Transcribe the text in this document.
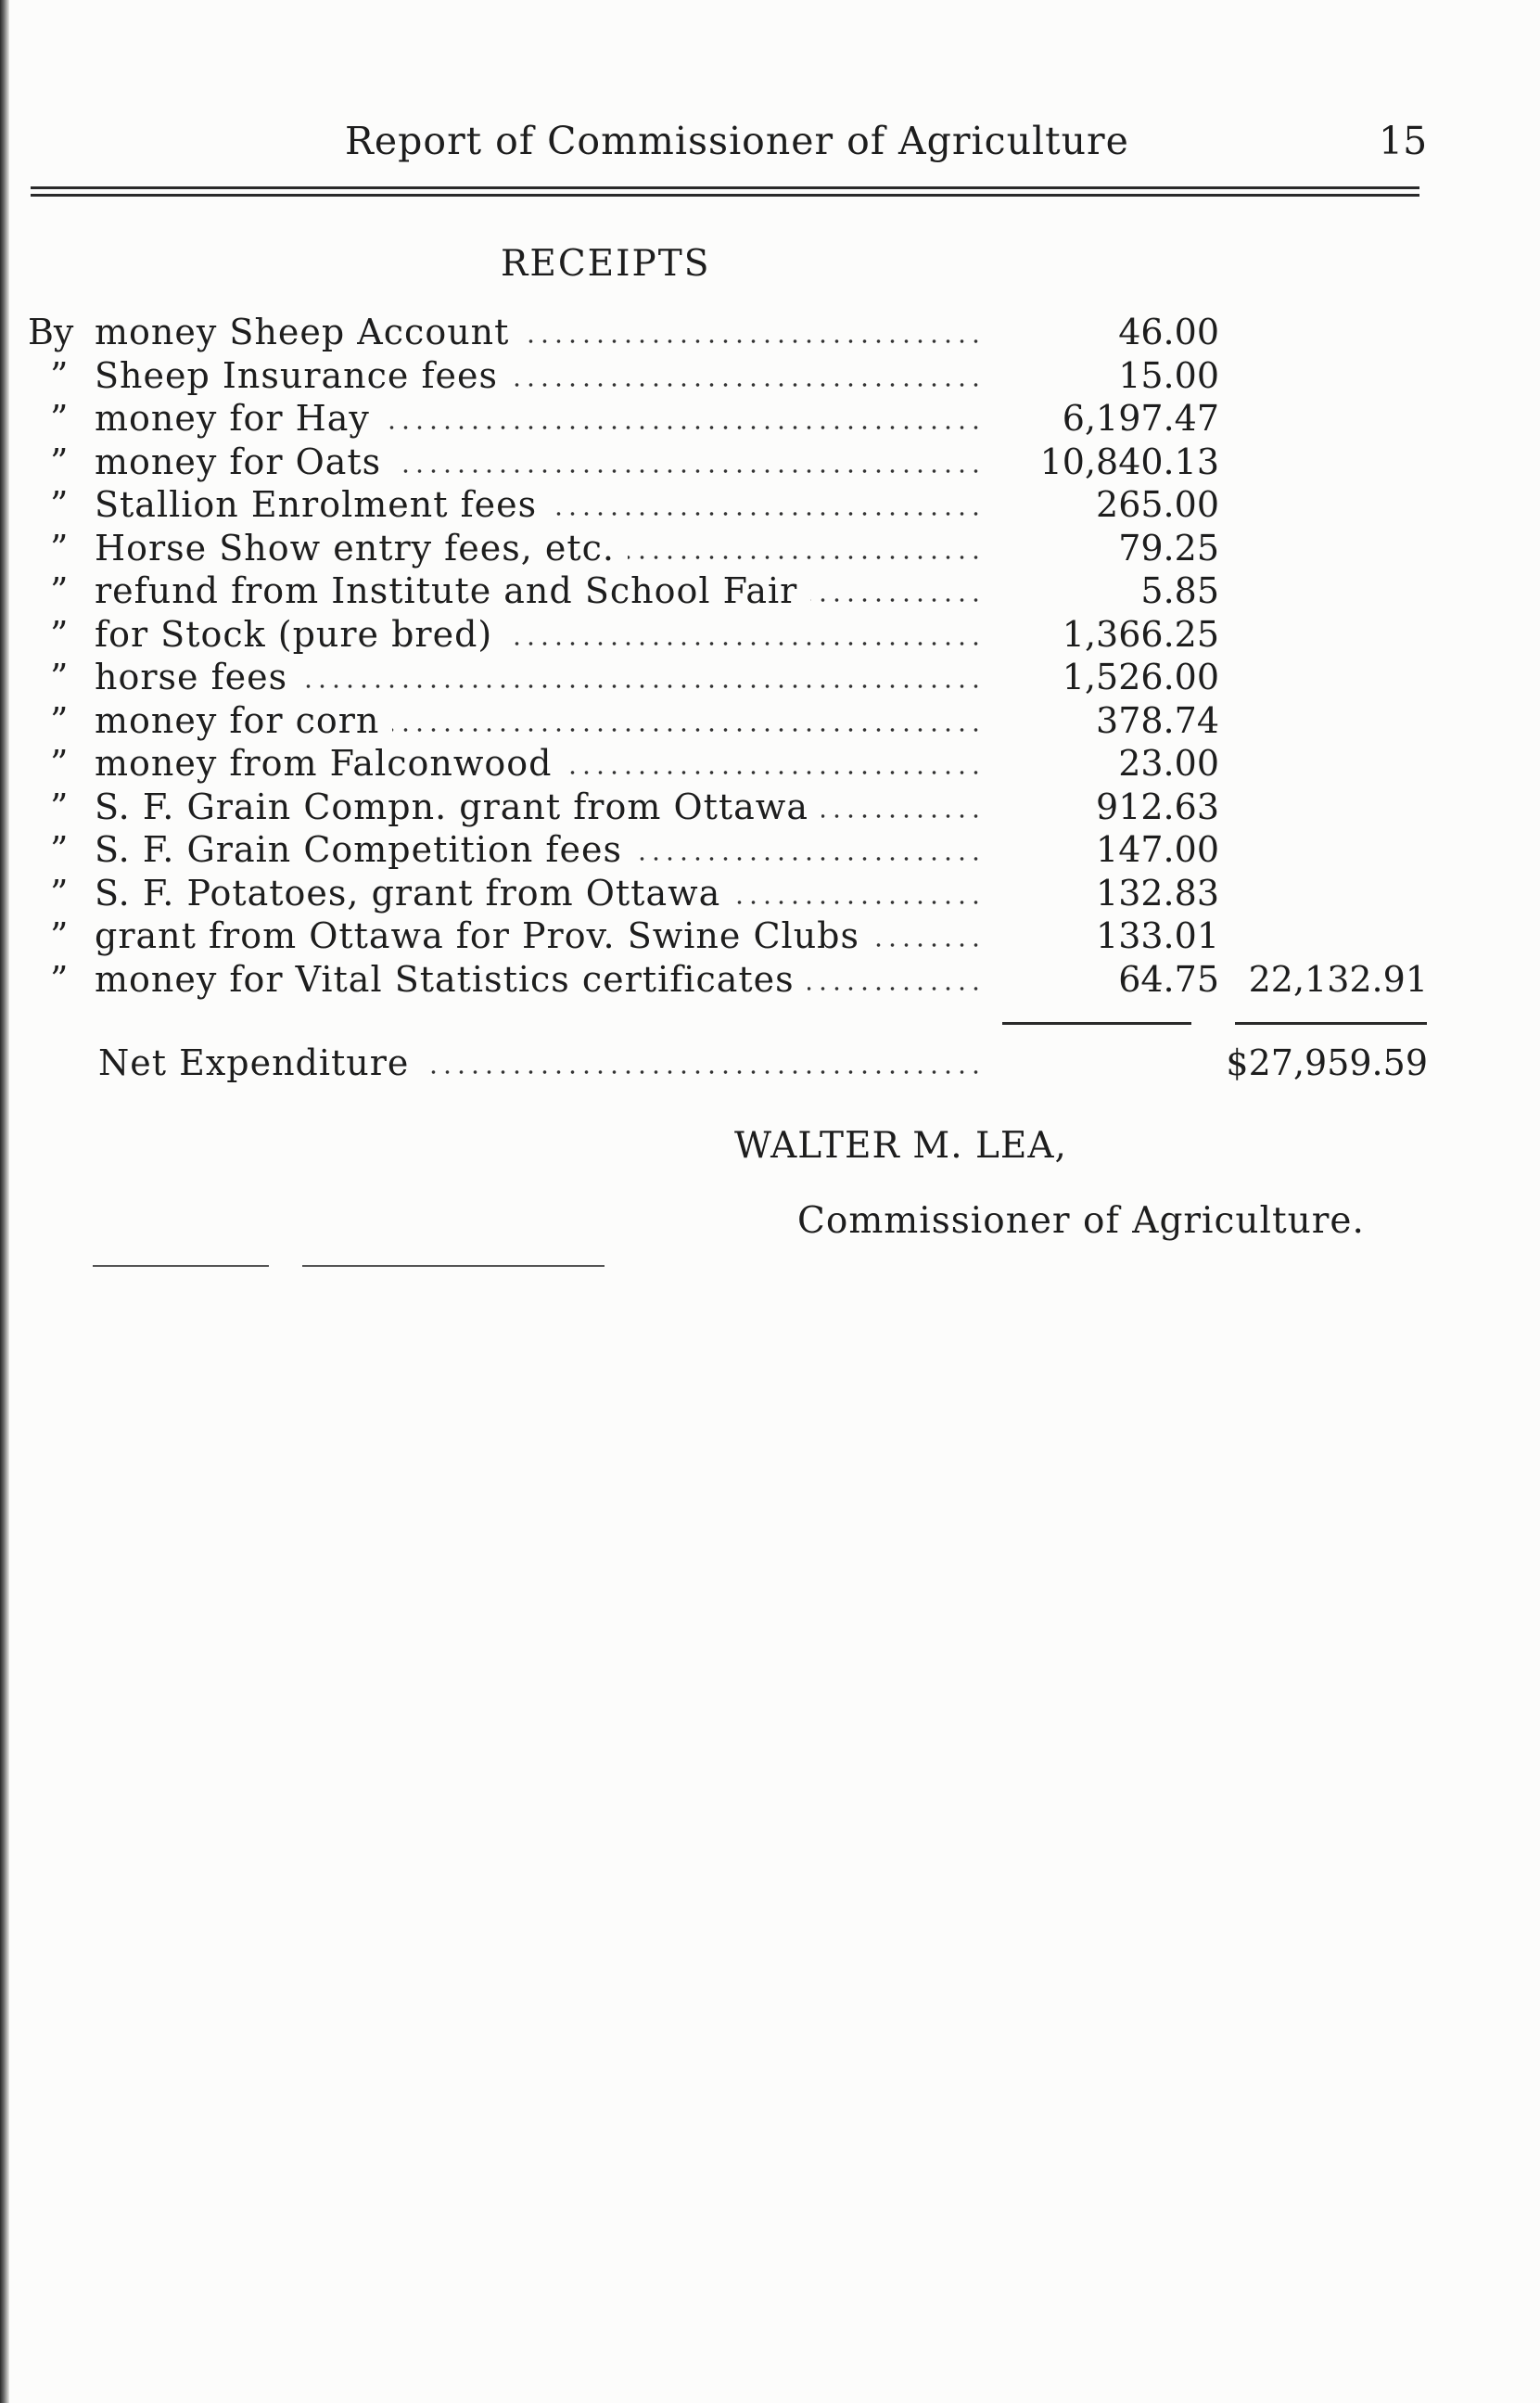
Report of Commissioner of Agriculture	15
RECEIPTS
By money Sheep Account	46.00
” Sheep Insurance fees	15.00
” money for Hay	6,197.47
” money for Oats	10,840.13
” Stallion Enrolment fees	265.00
” Horse Show entry fees, etc.	79.25
” refund from Institute and School Fair	5.85
” for Stock (pure bred)	1,366.25
” horse fees	1,526.00
” money for corn	378.74
” money from Falconwood	23.00
” S. F. Grain Compn. grant from Ottawa	912.63
” S. F. Grain Competition fees	147.00
” S. F. Potatoes, grant from Ottawa	132.83
” grant from Ottawa for Prov. Swine Clubs	133.01
” money for Vital Statistics certificates	64.75 22,132.91
Net Expenditure	$27,959.59
WALTER M. LEA,
Commissioner of Agriculture.
